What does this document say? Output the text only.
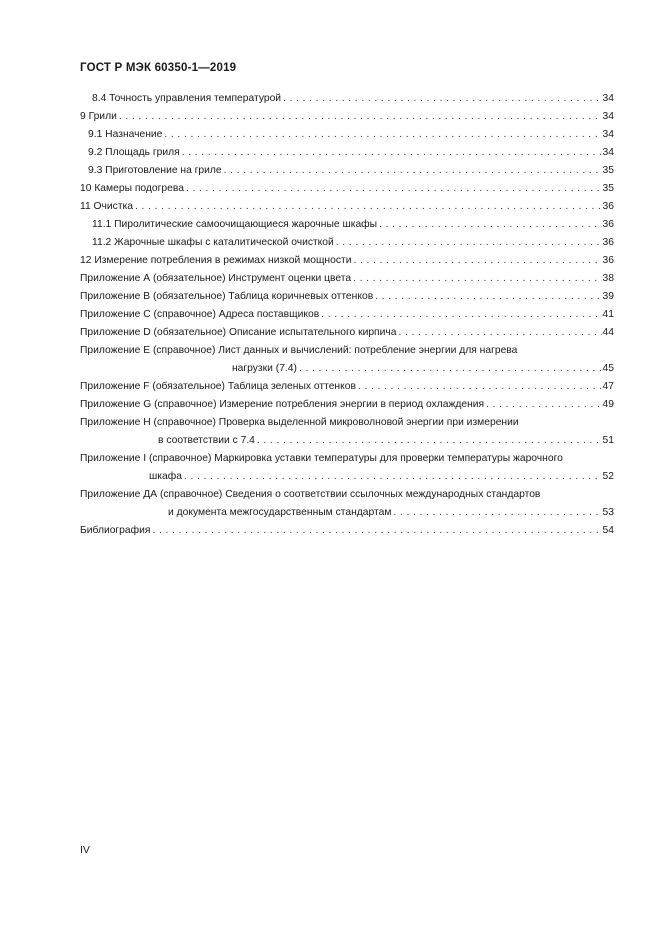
ГОСТ Р МЭК 60350-1—2019
8.4 Точность управления температурой . . .	34
9 Грили . . .	34
9.1 Назначение . . .	34
9.2 Площадь гриля . . .	34
9.3 Приготовление на гриле . . .	35
10 Камеры подогрева . . .	35
11 Очистка . . .	36
11.1 Пиролитические самоочищающиеся жарочные шкафы . . .	36
11.2 Жарочные шкафы с каталитической очисткой . . .	36
12 Измерение потребления в режимах низкой мощности . . .	36
Приложение А (обязательное) Инструмент оценки цвета . . .	38
Приложение В (обязательное) Таблица коричневых оттенков . . .	39
Приложение С (справочное) Адреса поставщиков . . .	41
Приложение D (обязательное) Описание испытательного кирпича . . .	44
Приложение Е (справочное) Лист данных и вычислений: потребление энергии для нагрева
нагрузки (7.4) . . .	45
Приложение F (обязательное) Таблица зеленых оттенков . . .	47
Приложение G (справочное) Измерение потребления энергии в период охлаждения . . .	49
Приложение Н (справочное) Проверка выделенной микроволновой энергии при измерении
в соответствии с 7.4 . . .	51
Приложение I (справочное) Маркировка уставки температуры для проверки температуры жарочного
шкафа . . .	52
Приложение ДА (справочное) Сведения о соответствии ссылочных международных стандартов
и документа межгосударственным стандартам . . .	53
Библиография . . .	54
IV
